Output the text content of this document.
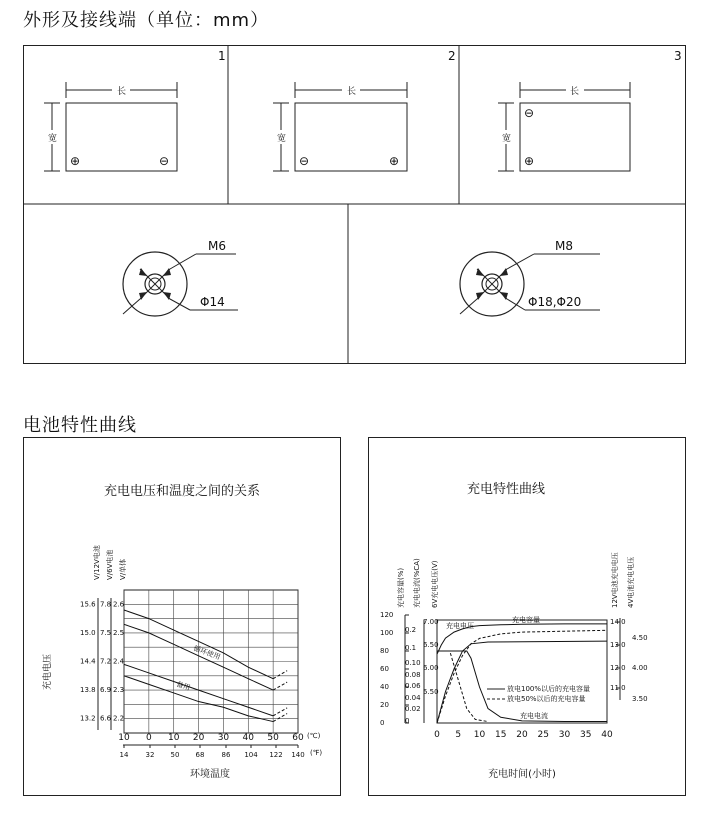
外形及接线端（单位：mm）
1
长
宽
⊕	⊖
2
长
宽
⊖	⊕
3
长
宽
⊖
⊕
M6
Φ14
M8
Φ18,Φ20
电池特性曲线
充电电压和温度之间的关系
V/12V电池 V/6V电池 V/单体
充电电压
15.6 7.8 2.6
15.0 7.5 2.5
14.4 7.2 2.4
13.8 6.9 2.3
13.2 6.6 2.2
10 0 10 20 30 40 50 60
14 32 50 68 86 104 122 140
循环使用
备用
(℃)
(℉)
环境温度
充电特性曲线
充电容量(%) 充电电流(%CA) 6V充电电压(V)	12V电池充电电压 4V电池充电电压
0
20
40
60
80
100
120
0
0.02
0.04
0.06
0.08
0.10
0.1
0.2
5.50
6.00
6.50
7.00
11.0
12.0
13.0
14.0
3.50
4.00
4.50
0 5 10 15 20 25 30 35 40
充电电压
充电容量
充电电流
放电100%以后的充电容量
放电50%以后的充电容量
充电时间(小时)
